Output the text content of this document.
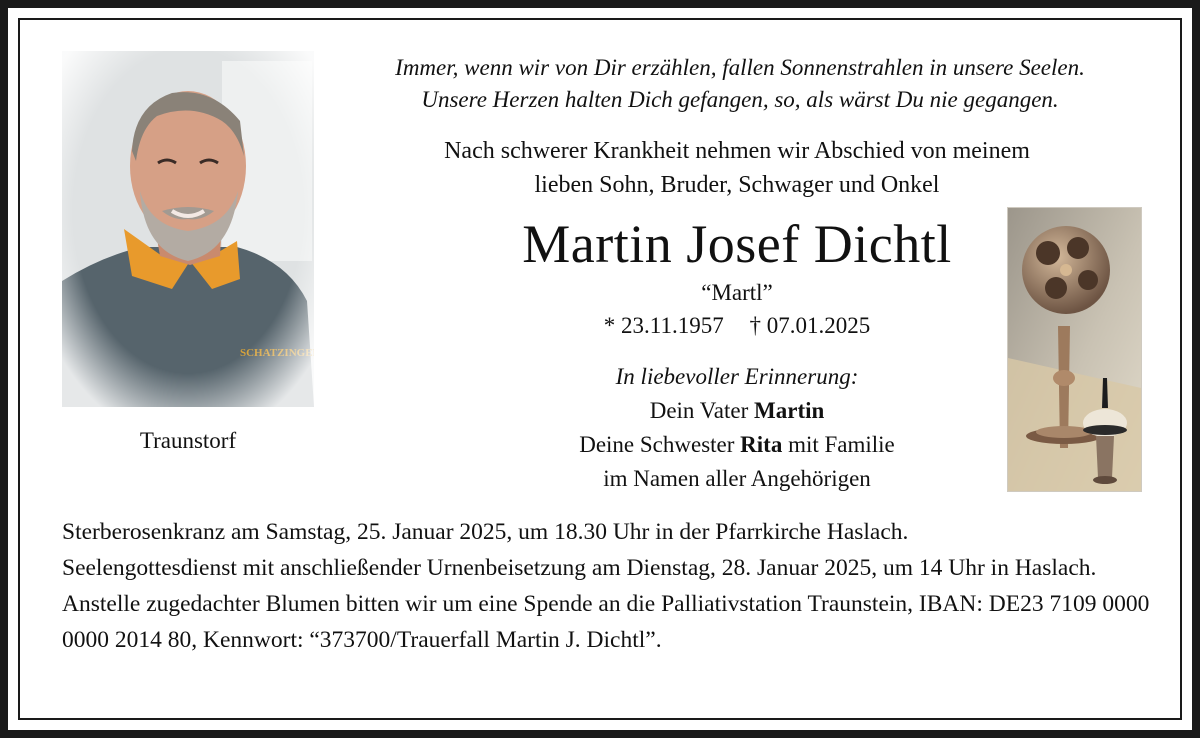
Traunstorf
Immer, wenn wir von Dir erzählen, fallen Sonnenstrahlen in unsere Seelen.
Unsere Herzen halten Dich gefangen, so, als wärst Du nie gegangen.
Nach schwerer Krankheit nehmen wir Abschied von meinem
lieben Sohn, Bruder, Schwager und Onkel
Martin Josef Dichtl
“Martl”
* 23.11.1957 † 07.01.2025
In liebevoller Erinnerung:
Dein Vater Martin
Deine Schwester Rita mit Familie
im Namen aller Angehörigen

Sterberosenkranz am Samstag, 25. Januar 2025, um 18.30 Uhr in der Pfarrkirche Haslach.

Seelengottesdienst mit anschließender Urnenbeisetzung am Dienstag, 28. Januar 2025, um 14 Uhr in Haslach.

Anstelle zugedachter Blumen bitten wir um eine Spende an die Palliativstation Traunstein, IBAN: DE23 7109 0000 0000 2014 80, Kennwort: “373700/Trauerfall Martin J. Dichtl”.
